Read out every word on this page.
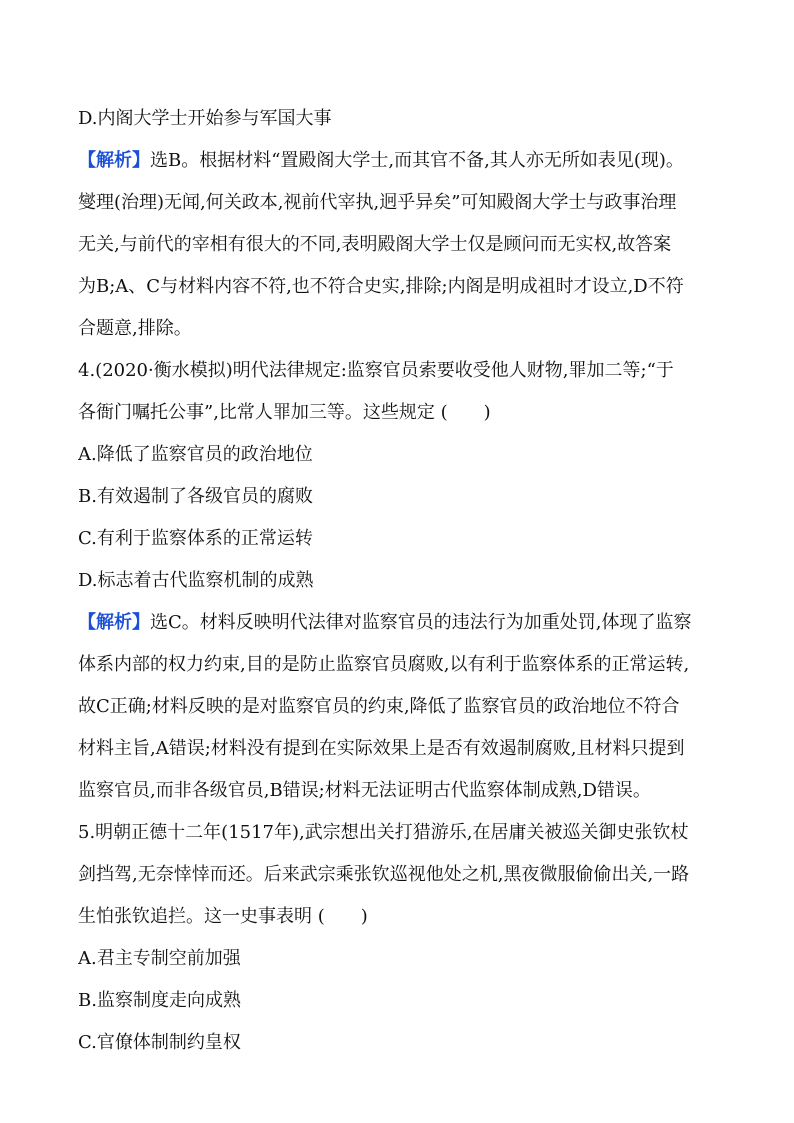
D.内阁大学士开始参与军国大事
【解析】选B。根据材料“置殿阁大学士,而其官不备,其人亦无所如表见(现)。
燮理(治理)无闻,何关政本,视前代宰执,迥乎异矣”可知殿阁大学士与政事治理
无关,与前代的宰相有很大的不同,表明殿阁大学士仅是顾问而无实权,故答案
为B;A、C与材料内容不符,也不符合史实,排除;内阁是明成祖时才设立,D不符
合题意,排除。
4.(2020·衡水模拟)明代法律规定:监察官员索要收受他人财物,罪加二等;“于
各衙门嘱托公事”,比常人罪加三等。这些规定 (　　)
A.降低了监察官员的政治地位
B.有效遏制了各级官员的腐败
C.有利于监察体系的正常运转
D.标志着古代监察机制的成熟
【解析】选C。材料反映明代法律对监察官员的违法行为加重处罚,体现了监察
体系内部的权力约束,目的是防止监察官员腐败,以有利于监察体系的正常运转,
故C正确;材料反映的是对监察官员的约束,降低了监察官员的政治地位不符合
材料主旨,A错误;材料没有提到在实际效果上是否有效遏制腐败,且材料只提到
监察官员,而非各级官员,B错误;材料无法证明古代监察体制成熟,D错误。
5.明朝正德十二年(1517年),武宗想出关打猎游乐,在居庸关被巡关御史张钦杖
剑挡驾,无奈悻悻而还。后来武宗乘张钦巡视他处之机,黑夜微服偷偷出关,一路
生怕张钦追拦。这一史事表明 (　　)
A.君主专制空前加强
B.监察制度走向成熟
C.官僚体制制约皇权
